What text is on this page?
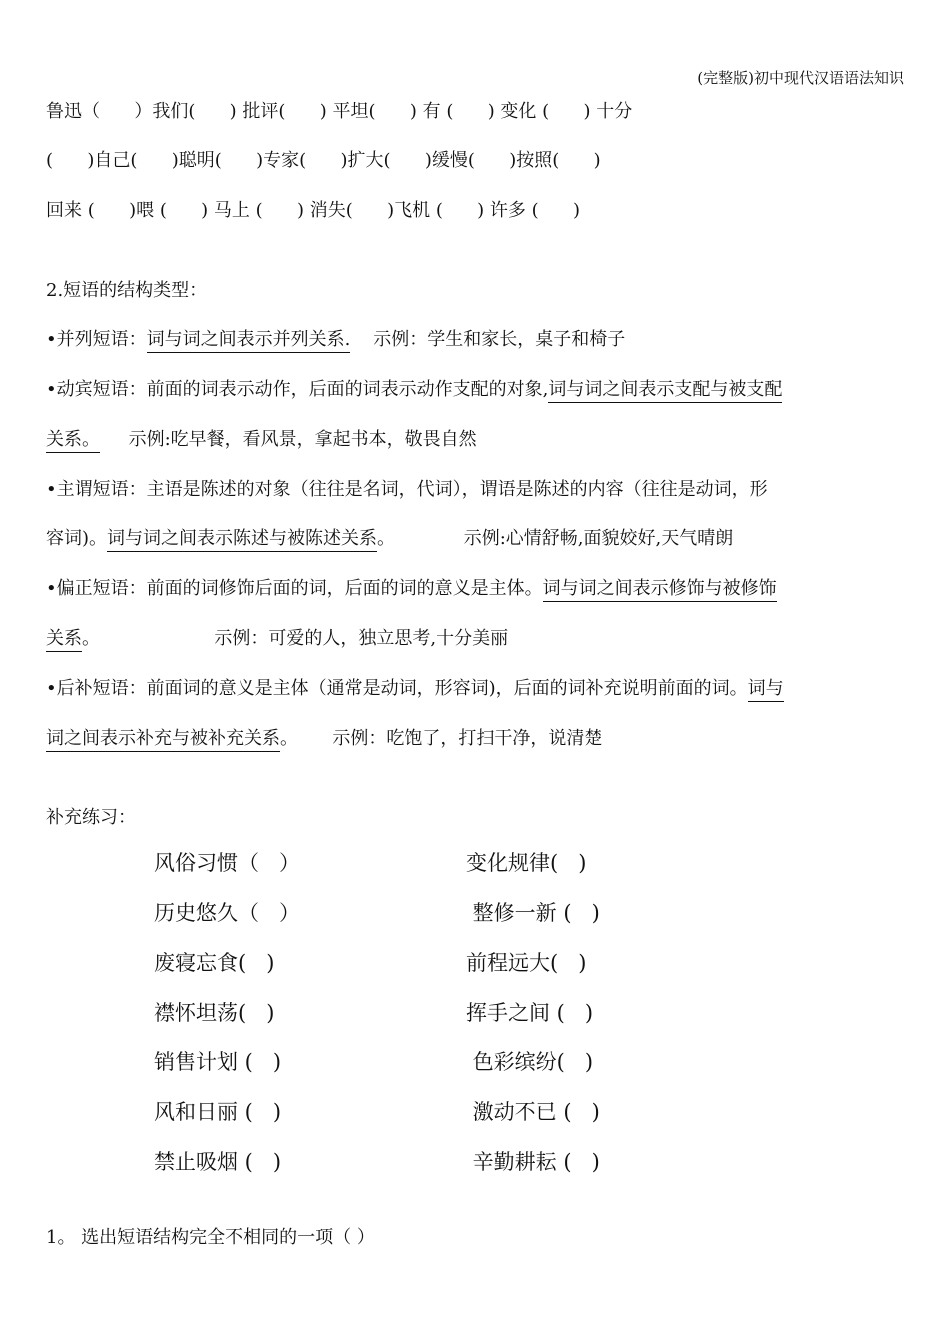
(完整版)初中现代汉语语法知识
鲁迅（      ）我们(      ) 批评(      ) 平坦(      ) 有 (      ) 变化 (      ) 十分
(      )自己(      )聪明(      )专家(      )扩大(      )缓慢(      )按照(      )
回来 (      )喂 (      ) 马上 (      ) 消失(      )飞机 (      ) 许多 (      )
2.短语的结构类型：
•并列短语：词与词之间表示并列关系.    示例：学生和家长，桌子和椅子
•动宾短语：前面的词表示动作，后面的词表示动作支配的对象,词与词之间表示支配与被支配
关系。     示例:吃早餐，看风景，拿起书本，敬畏自然
•主谓短语：主语是陈述的对象（往往是名词，代词），谓语是陈述的内容（往往是动词，形
容词)。词与词之间表示陈述与被陈述关系。            示例:心情舒畅,面貌姣好,天气晴朗
•偏正短语：前面的词修饰后面的词，后面的词的意义是主体。词与词之间表示修饰与被修饰
关系。                    示例：可爱的人，独立思考,十分美丽
•后补短语：前面词的意义是主体（通常是动词，形容词)，后面的词补充说明前面的词。词与
词之间表示补充与被补充关系。      示例：吃饱了，打扫干净，说清楚
补充练习：
风俗习惯（   ）
历史悠久（   ）
废寝忘食(   )
襟怀坦荡(   )
销售计划 (   )
风和日丽 (   )
禁止吸烟 (   )
变化规律(   )
整修一新 (   )
前程远大(   )
挥手之间 (   )
色彩缤纷(   )
激动不已 (   )
辛勤耕耘 (   )
1。 选出短语结构完全不相同的一项（ ）
